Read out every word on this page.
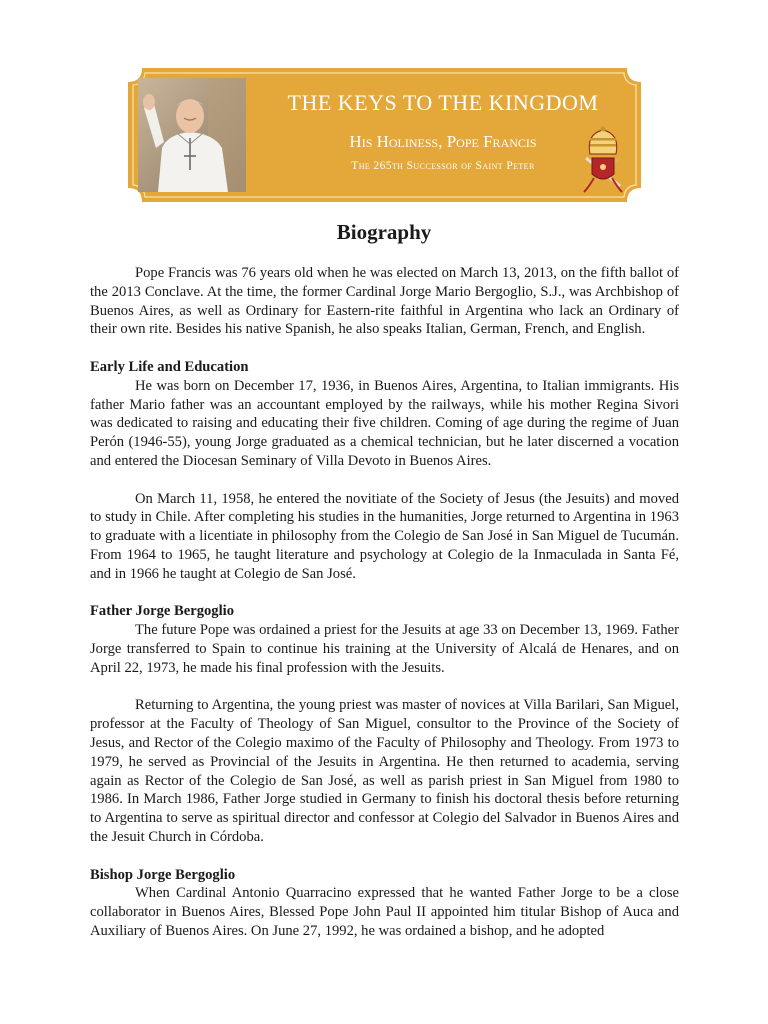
THE KEYS TO THE KINGDOM
His Holiness, Pope Francis
The 265th Successor of Saint Peter
Biography

Pope Francis was 76 years old when he was elected on March 13, 2013, on the fifth ballot of the 2013 Conclave. At the time, the former Cardinal Jorge Mario Bergoglio, S.J., was Archbishop of Buenos Aires, as well as Ordinary for Eastern-rite faithful in Argentina who lack an Ordinary of their own rite. Besides his native Spanish, he also speaks Italian, German, French, and English.

Early Life and Education

He was born on December 17, 1936, in Buenos Aires, Argentina, to Italian immigrants. His father Mario father was an accountant employed by the railways, while his mother Regina Sivori was dedicated to raising and educating their five children. Coming of age during the regime of Juan Perón (1946-55), young Jorge graduated as a chemical technician, but he later discerned a vocation and entered the Diocesan Seminary of Villa Devoto in Buenos Aires.

On March 11, 1958, he entered the novitiate of the Society of Jesus (the Jesuits) and moved to study in Chile. After completing his studies in the humanities, Jorge returned to Argentina in 1963 to graduate with a licentiate in philosophy from the Colegio de San José in San Miguel de Tucumán. From 1964 to 1965, he taught literature and psychology at Colegio de la Inmaculada in Santa Fé, and in 1966 he taught at Colegio de San José.

Father Jorge Bergoglio

The future Pope was ordained a priest for the Jesuits at age 33 on December 13, 1969. Father Jorge transferred to Spain to continue his training at the University of Alcalá de Henares, and on April 22, 1973, he made his final profession with the Jesuits.

Returning to Argentina, the young priest was master of novices at Villa Barilari, San Miguel, professor at the Faculty of Theology of San Miguel, consultor to the Province of the Society of Jesus, and Rector of the Colegio maximo of the Faculty of Philosophy and Theology. From 1973 to 1979, he served as Provincial of the Jesuits in Argentina. He then returned to academia, serving again as Rector of the Colegio de San José, as well as parish priest in San Miguel from 1980 to 1986. In March 1986, Father Jorge studied in Germany to finish his doctoral thesis before returning to Argentina to serve as spiritual director and confessor at Colegio del Salvador in Buenos Aires and the Jesuit Church in Córdoba.

Bishop Jorge Bergoglio

When Cardinal Antonio Quarracino expressed that he wanted Father Jorge to be a close collaborator in Buenos Aires, Blessed Pope John Paul II appointed him titular Bishop of Auca and Auxiliary of Buenos Aires. On June 27, 1992, he was ordained a bishop, and he adopted
